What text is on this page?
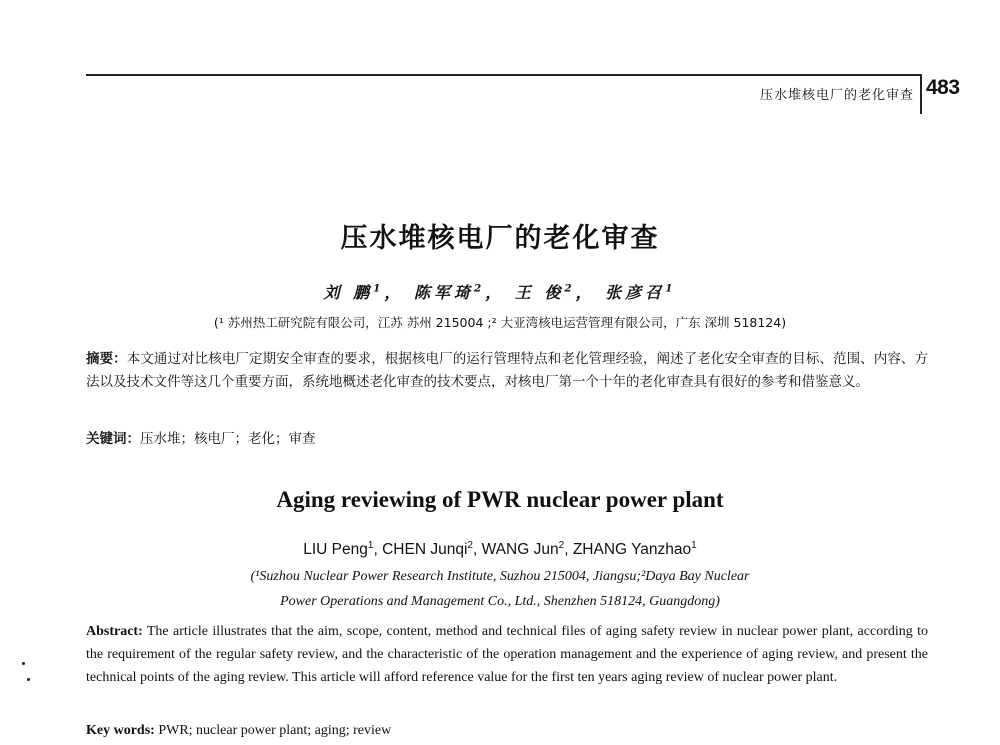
压水堆核电厂的老化审查 483
压水堆核电厂的老化审查
刘 鹏$^1$， 陈军琦$^2$， 王 俊$^2$， 张彦召$^1$
(¹ 苏州热工研究院有限公司，江苏 苏州 215004 ;² 大亚湾核电运营管理有限公司，广东 深圳 518124)
摘要：本文通过对比核电厂定期安全审查的要求，根据核电厂的运行管理特点和老化管理经验，阐述了老化安全审查的目标、范围、内容、方法以及技术文件等这几个重要方面，系统地概述老化审查的技术要点，对核电厂第一个十年的老化审查具有很好的参考和借鉴意义。
关键词：压水堆；核电厂；老化；审查
Aging reviewing of PWR nuclear power plant
LIU Peng$^1$, CHEN Junqi$^2$, WANG Jun$^2$, ZHANG Yanzhao$^1$
(¹Suzhou Nuclear Power Research Institute, Suzhou 215004, Jiangsu;²Daya Bay Nuclear
Power Operations and Management Co., Ltd., Shenzhen 518124, Guangdong)
Abstract: The article illustrates that the aim, scope, content, method and technical files of aging safety review in nuclear power plant, according to the requirement of the regular safety review, and the characteristic of the operation management and the experience of aging review, and present the technical points of the aging review. This article will afford reference value for the first ten years aging review of nuclear power plant.
Key words: PWR; nuclear power plant; aging; review
